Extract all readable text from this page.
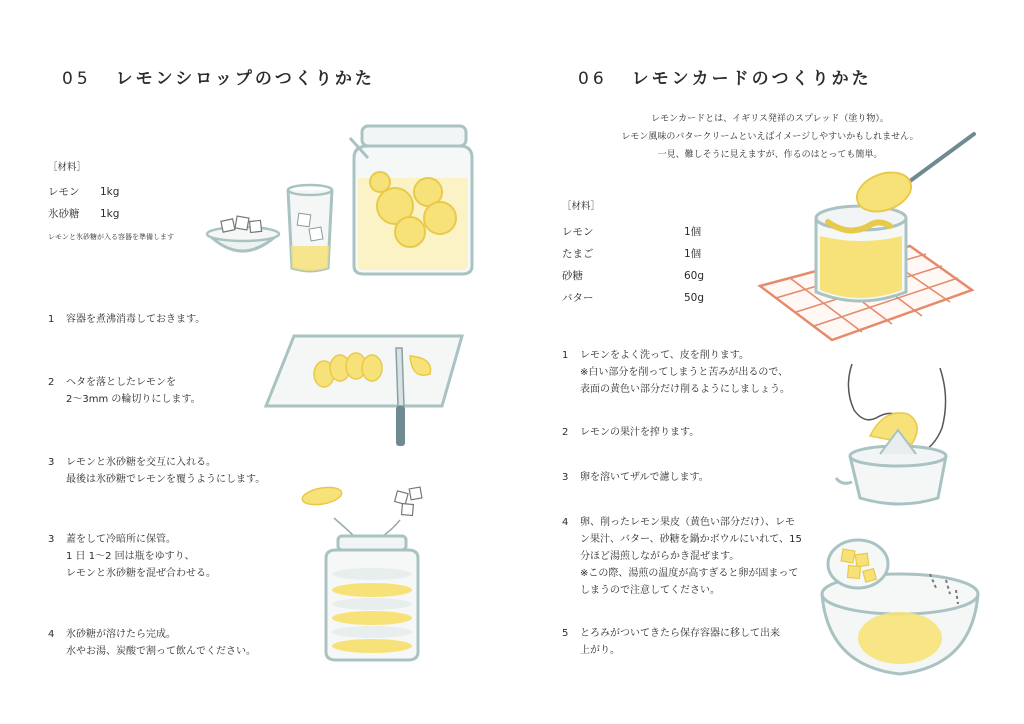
05 レモンシロップのつくりかた
［材料］
レモン 1kg
氷砂糖 1kg
レモンと氷砂糖が入る容器を準備します
1 容器を煮沸消毒しておきます。
2 ヘタを落としたレモンを
2〜3mm の輪切りにします。
3 レモンと氷砂糖を交互に入れる。
最後は氷砂糖でレモンを覆うようにします。
3 蓋をして冷暗所に保管。
1 日 1〜2 回は瓶をゆすり、
レモンと氷砂糖を混ぜ合わせる。
4 氷砂糖が溶けたら完成。
水やお湯、炭酸で割って飲んでください。
06 レモンカードのつくりかた
レモンカードとは、イギリス発祥のスプレッド（塗り物）。
レモン風味のバタークリームといえばイメージしやすいかもしれません。
一見、難しそうに見えますが、作るのはとっても簡単。
［材料］
レモン	1個
たまご	1個
砂糖	60g
バター	50g
1 レモンをよく洗って、皮を削ります。
※白い部分を削ってしまうと苦みが出るので、
表面の黄色い部分だけ削るようにしましょう。
2 レモンの果汁を搾ります。
3 卵を溶いてザルで濾します。
4 卵、削ったレモン果皮（黄色い部分だけ）、レモ
ン果汁、バター、砂糖を鍋かボウルにいれて、15
分ほど湯煎しながらかき混ぜます。
※この際、湯煎の温度が高すぎると卵が固まって
しまうので注意してください。
5 とろみがついてきたら保存容器に移して出来
上がり。
